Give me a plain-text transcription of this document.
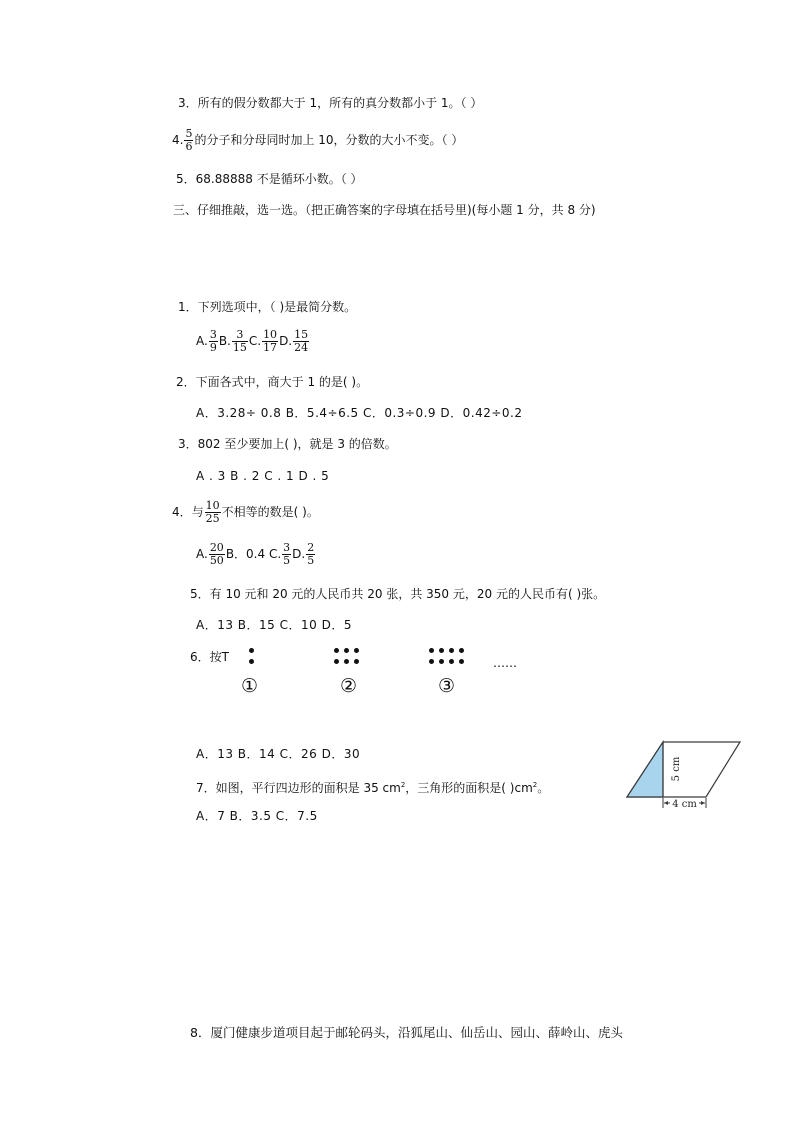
3．所有的假分数都大于 1，所有的真分数都小于 1。（ ）
4. $\frac{5}{6}$ 的分子和分母同时加上 10，分数的大小不变。（ ）
5．68.88888 不是循环小数。（ ）
三、仔细推敲，选一选。（把正确答案的字母填在括号里)(每小题 1 分，共 8 分)
1．下列选项中，（ )是最简分数。
A. $\frac{3}{9} B$. $\frac{3}{15} C$. $\frac{10}{17} D$. $\frac{15}{24}$
2．下面各式中，商大于 1 的是( )。
A．3.28÷ 0.8 B．5.4÷6.5 C．0.3÷0.9 D．0.42÷0.2
3．802 至少要加上( )，就是 3 的倍数。
A . 3 B . 2 C . 1 D . 5
4．与 $\frac{10}{25}$ 不相等的数是( )。
A. $\frac{20}{50}$ B．0.4 C. $\frac{3}{5} D$. $\frac{2}{5}$
5．有 10 元和 20 元的人民币共 20 张，共 350 元，20 元的人民币有( )张。
A．13 B．15 C．10 D．5
6．按T	……
①	②	③
A．13 B．14 C．26 D．30
7．如图，平行四边形的面积是 35 $cm^2$，三角形的面积是( )$cm^2$。
A．7 B．3.5 C．7.5
5 cm
4 cm
8．厦门健康步道项目起于邮轮码头，沿狐尾山、仙岳山、园山、薛岭山、虎头
